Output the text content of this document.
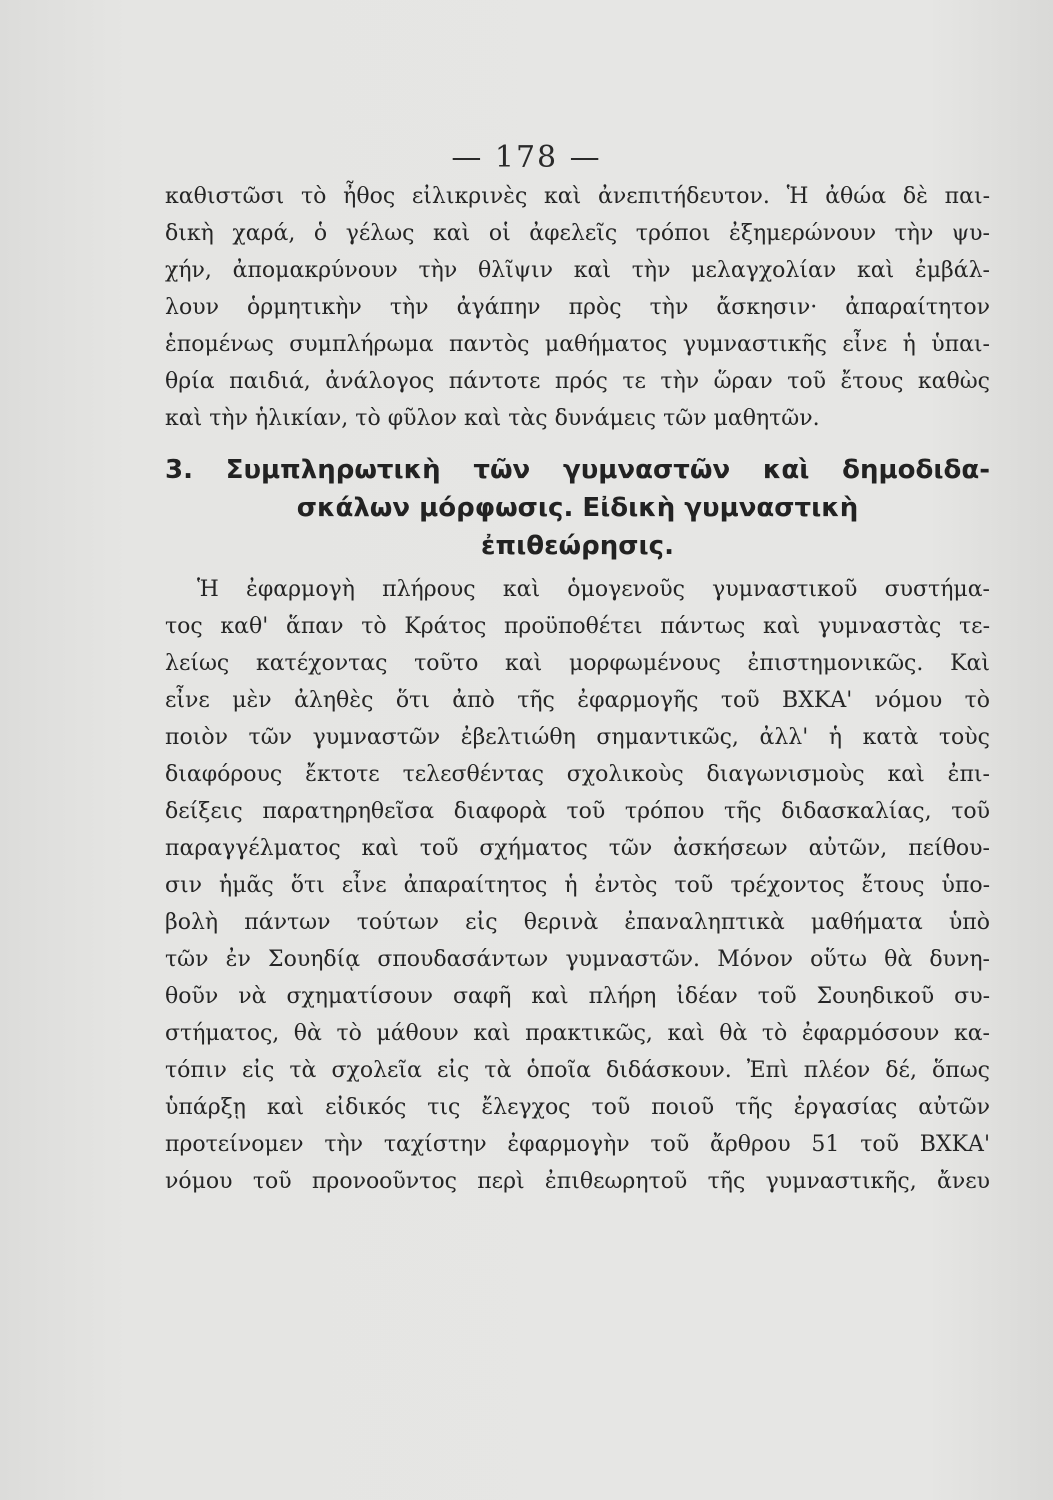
— 178 —
καθιστῶσι τὸ ἦθος εἰλικρινὲς καὶ ἀνεπιτήδευτον. Ἡ ἀθώα δὲ παι-
δικὴ χαρά, ὁ γέλως καὶ οἱ ἀφελεῖς τρόποι ἐξημερώνουν τὴν ψυ-
χήν, ἀπομακρύνουν τὴν θλῖψιν καὶ τὴν μελαγχολίαν καὶ ἐμβάλ-
λουν ὁρμητικὴν τὴν ἀγάπην πρὸς τὴν ἄσκησιν· ἀπαραίτητον
ἑπομένως συμπλήρωμα παντὸς μαθήματος γυμναστικῆς εἶνε ἡ ὑπαι-
θρία παιδιά, ἀνάλογος πάντοτε πρός τε τὴν ὥραν τοῦ ἔτους καθὼς
καὶ τὴν ἡλικίαν, τὸ φῦλον καὶ τὰς δυνάμεις τῶν μαθητῶν.
3. Συμπληρωτικὴ τῶν γυμναστῶν καὶ δημοδιδα-
σκάλων μόρφωσις. Εἰδικὴ γυμναστικὴ
ἐπιθεώρησις.
Ἡ ἐφαρμογὴ πλήρους καὶ ὁμογενοῦς γυμναστικοῦ συστήμα-
τος καθ' ἅπαν τὸ Κράτος προϋποθέτει πάντως καὶ γυμναστὰς τε-
λείως κατέχοντας τοῦτο καὶ μορφωμένους ἐπιστημονικῶς. Καὶ
εἶνε μὲν ἀληθὲς ὅτι ἀπὸ τῆς ἐφαρμογῆς τοῦ ΒΧΚΑ' νόμου τὸ
ποιὸν τῶν γυμναστῶν ἐβελτιώθη σημαντικῶς, ἀλλ' ἡ κατὰ τοὺς
διαφόρους ἔκτοτε τελεσθέντας σχολικοὺς διαγωνισμοὺς καὶ ἐπι-
δείξεις παρατηρηθεῖσα διαφορὰ τοῦ τρόπου τῆς διδασκαλίας, τοῦ
παραγγέλματος καὶ τοῦ σχήματος τῶν ἀσκήσεων αὐτῶν, πείθου-
σιν ἡμᾶς ὅτι εἶνε ἀπαραίτητος ἡ ἐντὸς τοῦ τρέχοντος ἔτους ὑπο-
βολὴ πάντων τούτων εἰς θερινὰ ἐπαναληπτικὰ μαθήματα ὑπὸ
τῶν ἐν Σουηδίᾳ σπουδασάντων γυμναστῶν. Μόνον οὕτω θὰ δυνη-
θοῦν νὰ σχηματίσουν σαφῆ καὶ πλήρη ἰδέαν τοῦ Σουηδικοῦ συ-
στήματος, θὰ τὸ μάθουν καὶ πρακτικῶς, καὶ θὰ τὸ ἐφαρμόσουν κα-
τόπιν εἰς τὰ σχολεῖα εἰς τὰ ὁποῖα διδάσκουν. Ἐπὶ πλέον δέ, ὅπως
ὑπάρξῃ καὶ εἰδικός τις ἔλεγχος τοῦ ποιοῦ τῆς ἐργασίας αὐτῶν
προτείνομεν τὴν ταχίστην ἐφαρμογὴν τοῦ ἄρθρου 51 τοῦ ΒΧΚΑ'
νόμου τοῦ προνοοῦντος περὶ ἐπιθεωρητοῦ τῆς γυμναστικῆς, ἄνευ
